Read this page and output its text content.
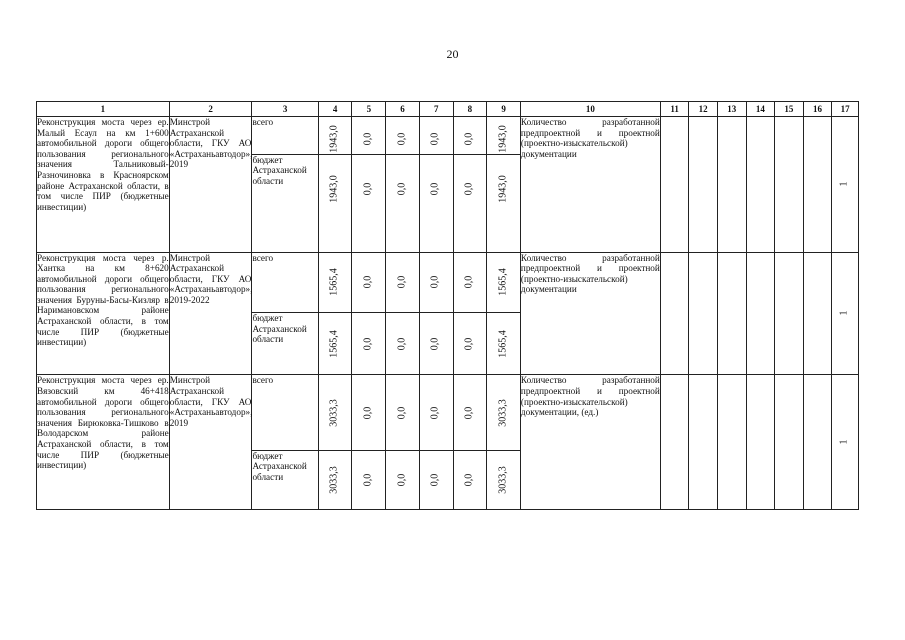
20
1	2	3	4	5	6	7	8	9	10	11	12	13	14	15	16	17
Реконструкция моста через ер. Малый Есаул на км 1+600 автомобильной дороги общего пользования регионального значения Тальниковый-Разночиновка в Красноярском районе Астраханской области, в том числе ПИР (бюджетные инвестиции)	Минстрой Астраханской области, ГКУ АО «Астраханьавтодор», 2019	всего	1943,0	0,0	0,0	0,0	0,0	1943,0	Количество разработанной предпроектной и проектной (проектно-изыскательской) документации							1

		бюджет Астраханской области	1943,0	0,0	0,0	0,0	0,0	1943,0								

Реконструкция моста через р. Хантка на км 8+620 автомобильной дороги общего пользования регионального значения Буруны-Басы-Кизляр в Наримановском районе Астраханской области, в том числе ПИР (бюджетные инвестиции)	Минстрой Астраханской области, ГКУ АО «Астраханьавтодор», 2019-2022	всего	1565,4	0,0	0,0	0,0	0,0	1565,4	Количество разработанной предпроектной и проектной (проектно-изыскательской) документации							1

		бюджет Астраханской области	1565,4	0,0	0,0	0,0	0,0	1565,4								

Реконструкция моста через ер. Вязовский км 46+418 автомобильной дороги общего пользования регионального значения Бирюковка-Тишково в Володарском районе Астраханской области, в том числе ПИР (бюджетные инвестиции)	Минстрой Астраханской области, ГКУ АО «Астраханьавтодор», 2019	всего	3033,3	0,0	0,0	0,0	0,0	3033,3	Количество разработанной предпроектной и проектной (проектно-изыскательской) документации, (ед.)							1

		бюджет Астраханской области	3033,3	0,0	0,0	0,0	0,0	3033,3								
